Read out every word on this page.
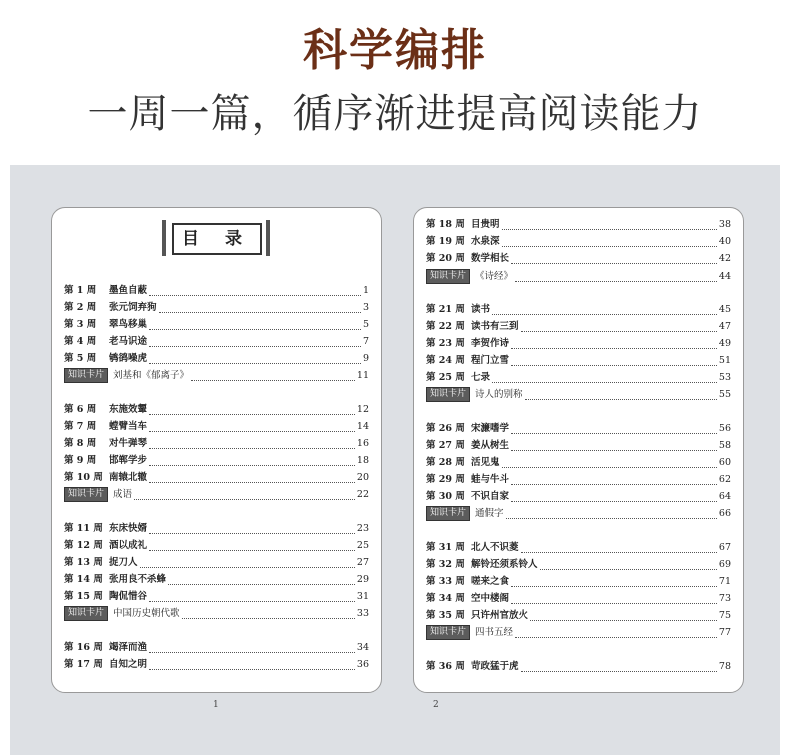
科学编排
一周一篇，循序渐进提高阅读能力
目 录
第 1 周	墨鱼自蔽	1
第 2 周	张元饲弃狗	3
第 3 周	翠鸟移巢	5
第 4 周	老马识途	7
第 5 周	鸲鹆噪虎	9
知识卡片 刘基和《郁离子》	11
第 6 周	东施效颦	12
第 7 周	螳臂当车	14
第 8 周	对牛弹琴	16
第 9 周	邯郸学步	18
第 10 周 南辕北辙	20
知识卡片 成语	22
第 11 周 东床快婿	23
第 12 周 酒以成礼	25
第 13 周 捉刀人	27
第 14 周 张用良不杀蜂	29
第 15 周 陶侃惜谷	31
知识卡片 中国历史朝代歌	33
第 16 周 竭泽而渔	34
第 17 周 自知之明	36
1
第 18 周 目贵明	38
第 19 周 水泉深	40
第 20 周 数学相长	42
知识卡片 《诗经》	44
第 21 周 读书	45
第 22 周 读书有三到	47
第 23 周 李贺作诗	49
第 24 周 程门立雪	51
第 25 周 七录	53
知识卡片 诗人的别称	55
第 26 周 宋濂嗜学	56
第 27 周 姜从树生	58
第 28 周 活见鬼	60
第 29 周 蛙与牛斗	62
第 30 周 不识自家	64
知识卡片 通假字	66
第 31 周 北人不识菱	67
第 32 周 解铃还须系铃人	69
第 33 周 嗟来之食	71
第 34 周 空中楼阁	73
第 35 周 只许州官放火	75
知识卡片 四书五经	77
第 36 周 苛政猛于虎	78
2
